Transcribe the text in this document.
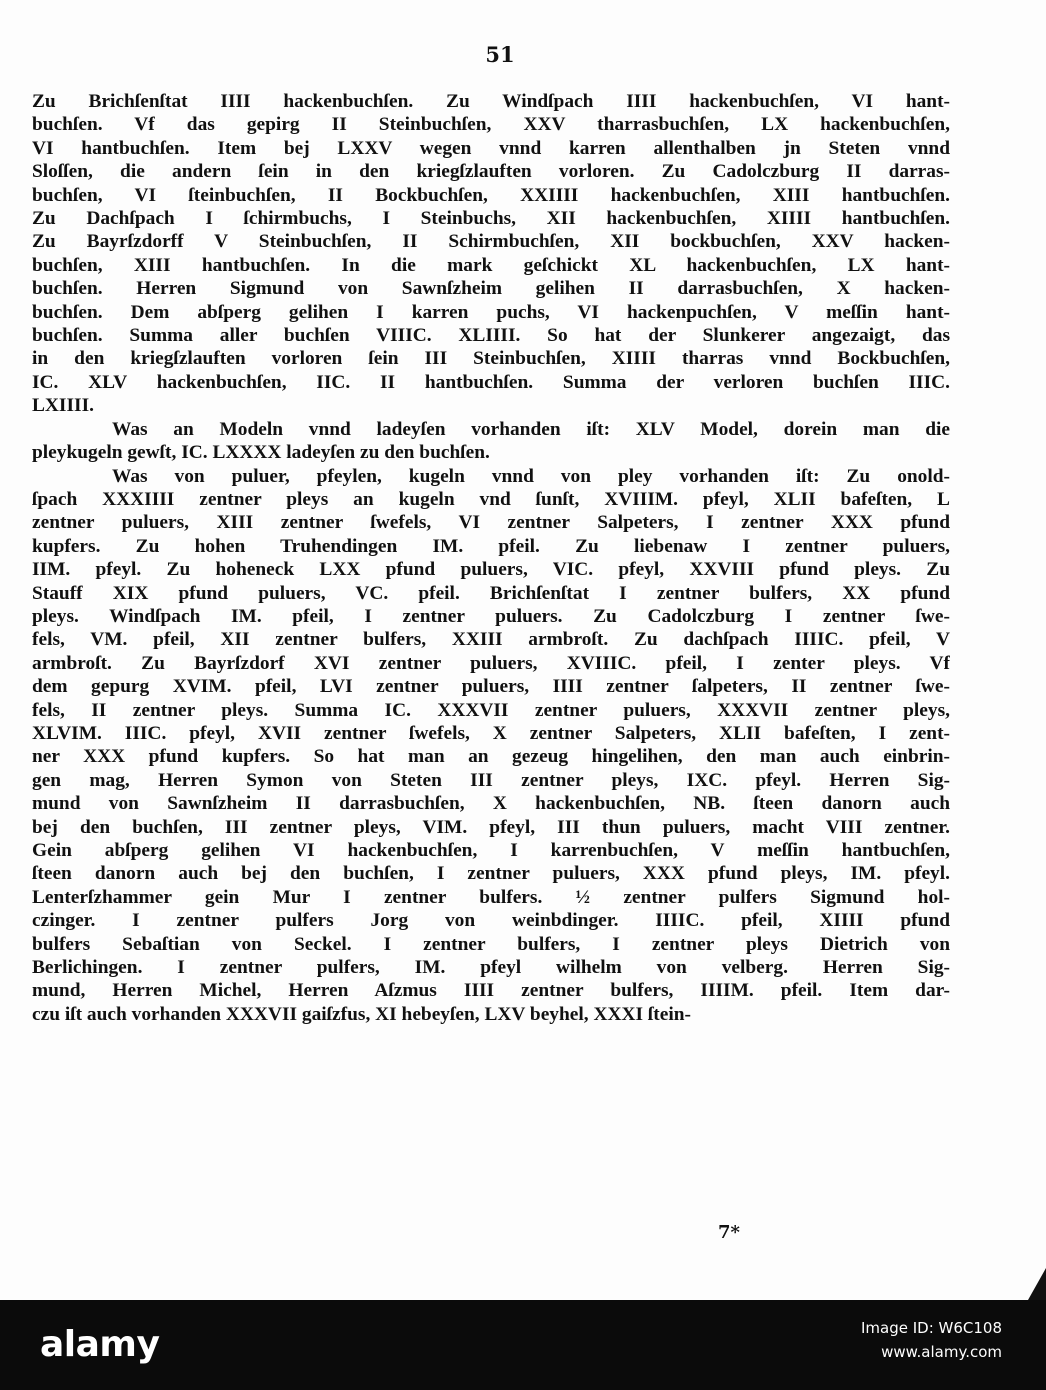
51
Zu Brichſenſtat IIII hackenbuchſen. Zu Windſpach IIII hackenbuchſen, VI hant-
buchſen. Vf das gepirg II Steinbuchſen, XXV tharrasbuchſen, LX hackenbuchſen,
VI hantbuchſen. Item bej LXXV wegen vnnd karren allenthalben jn Steten vnnd
Sloſſen, die andern ſein in den kriegſzlauften vorloren. Zu Cadolczburg II darras-
buchſen, VI ſteinbuchſen, II Bockbuchſen, XXIIII hackenbuchſen, XIII hantbuchſen.
Zu Dachſpach I ſchirmbuchs, I Steinbuchs, XII hackenbuchſen, XIIII hantbuchſen.
Zu Bayrſzdorff V Steinbuchſen, II Schirmbuchſen, XII bockbuchſen, XXV hacken-
buchſen, XIII hantbuchſen. In die mark geſchickt XL hackenbuchſen, LX hant-
buchſen. Herren Sigmund von Sawnſzheim gelihen II darrasbuchſen, X hacken-
buchſen. Dem abſperg gelihen I karren puchs, VI hackenpuchſen, V meſſin hant-
buchſen. Summa aller buchſen VIIIC. XLIIII. So hat der Slunkerer angezaigt, das
in den kriegſzlauften vorloren ſein III Steinbuchſen, XIIII tharras vnnd Bockbuchſen,
IC. XLV hackenbuchſen, IIC. II hantbuchſen. Summa der verloren buchſen IIIC.
LXIIII.
Was an Modeln vnnd ladeyſen vorhanden iſt: XLV Model, dorein man die
pleykugeln gewſt, IC. LXXXX ladeyſen zu den buchſen.
Was von puluer, pfeylen, kugeln vnnd von pley vorhanden iſt: Zu onold-
ſpach XXXIIII zentner pleys an kugeln vnd ſunſt, XVIIIM. pfeyl, XLII bafeſten, L
zentner puluers, XIII zentner ſwefels, VI zentner Salpeters, I zentner XXX pfund
kupfers. Zu hohen Truhendingen IM. pfeil. Zu liebenaw I zentner puluers,
IIM. pfeyl. Zu hoheneck LXX pfund puluers, VIC. pfeyl, XXVIII pfund pleys. Zu
Stauff XIX pfund puluers, VC. pfeil. Brichſenſtat I zentner bulfers, XX pfund
pleys. Windſpach IM. pfeil, I zentner puluers. Zu Cadolczburg I zentner ſwe-
fels, VM. pfeil, XII zentner bulfers, XXIII armbroſt. Zu dachſpach IIIIC. pfeil, V
armbroſt. Zu Bayrſzdorf XVI zentner puluers, XVIIIC. pfeil, I zenter pleys. Vf
dem gepurg XVIM. pfeil, LVI zentner puluers, IIII zentner ſalpeters, II zentner ſwe-
fels, II zentner pleys. Summa IC. XXXVII zentner puluers, XXXVII zentner pleys,
XLVIM. IIIC. pfeyl, XVII zentner ſwefels, X zentner Salpeters, XLII bafeſten, I zent-
ner XXX pfund kupfers. So hat man an gezeug hingelihen, den man auch einbrin-
gen mag, Herren Symon von Steten III zentner pleys, IXC. pfeyl. Herren Sig-
mund von Sawnſzheim II darrasbuchſen, X hackenbuchſen, NB. ſteen danorn auch
bej den buchſen, III zentner pleys, VIM. pfeyl, III thun puluers, macht VIII zentner.
Gein abſperg gelihen VI hackenbuchſen, I karrenbuchſen, V meſſin hantbuchſen,
ſteen danorn auch bej den buchſen, I zentner puluers, XXX pfund pleys, IM. pfeyl.
Lenterſzhammer gein Mur I zentner bulfers. ½ zentner pulfers Sigmund hol-
czinger. I zentner pulfers Jorg von weinbdinger. IIIIC. pfeil, XIIII pfund
bulfers Sebaſtian von Seckel. I zentner bulfers, I zentner pleys Dietrich von
Berlichingen. I zentner pulfers, IM. pfeyl wilhelm von velberg. Herren Sig-
mund, Herren Michel, Herren Aſzmus IIII zentner bulfers, IIIIM. pfeil. Item dar-
czu iſt auch vorhanden XXXVII gaiſzfus, XI hebeyſen, LXV beyhel, XXXI ſtein-
7*
alamy	Image ID: W6C108
www.alamy.com
